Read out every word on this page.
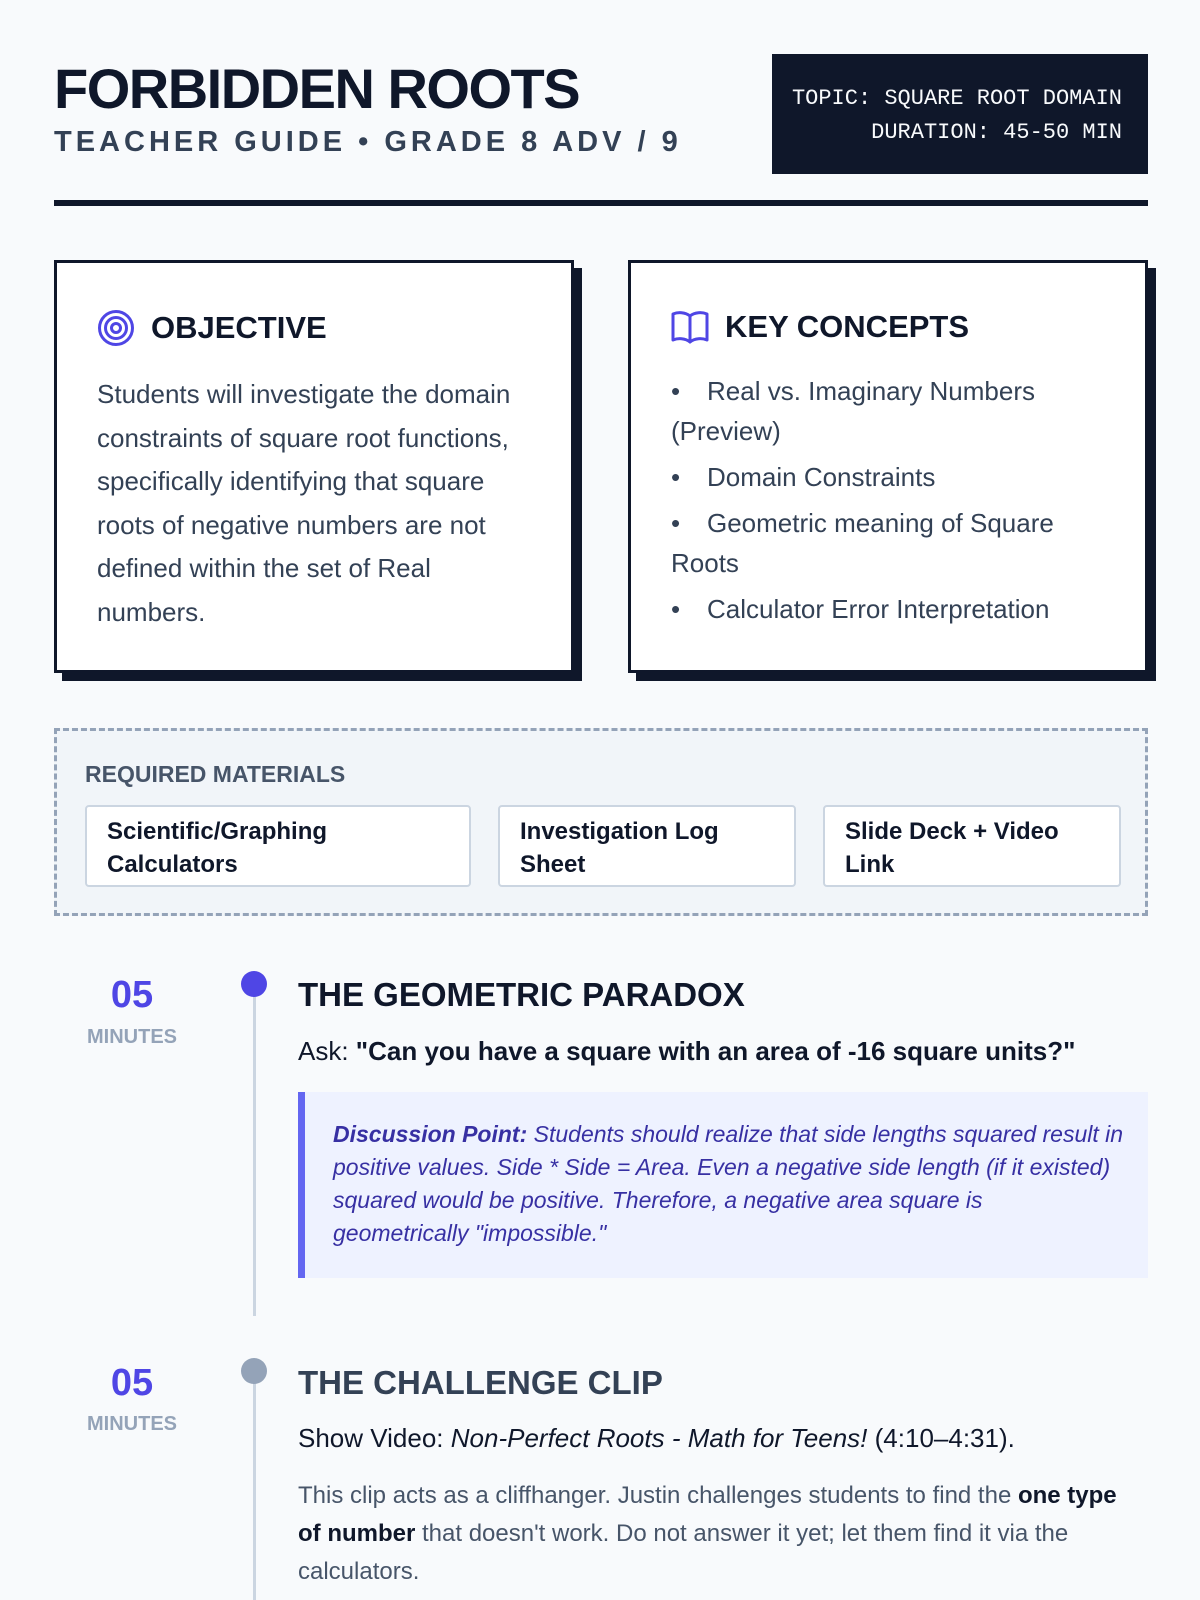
FORBIDDEN ROOTS
TEACHER GUIDE • GRADE 8 ADV / 9
TOPIC: SQUARE ROOT DOMAIN
DURATION: 45-50 MIN
OBJECTIVE
Students will investigate the domain constraints of square root functions, specifically identifying that square roots of negative numbers are not defined within the set of Real numbers.
KEY CONCEPTS
• Real vs. Imaginary Numbers (Preview)
• Domain Constraints
• Geometric meaning of Square Roots
• Calculator Error Interpretation
REQUIRED MATERIALS
Scientific/Graphing Calculators
Investigation Log Sheet
Slide Deck + Video Link
05
MINUTES
THE GEOMETRIC PARADOX
Ask: "Can you have a square with an area of -16 square units?"
Discussion Point: Students should realize that side lengths squared result in positive values. Side * Side = Area. Even a negative side length (if it existed) squared would be positive. Therefore, a negative area square is geometrically "impossible."
05
MINUTES
THE CHALLENGE CLIP
Show Video: Non-Perfect Roots - Math for Teens! (4:10–4:31).
This clip acts as a cliffhanger. Justin challenges students to find the one type of number that doesn't work. Do not answer it yet; let them find it via the calculators.
